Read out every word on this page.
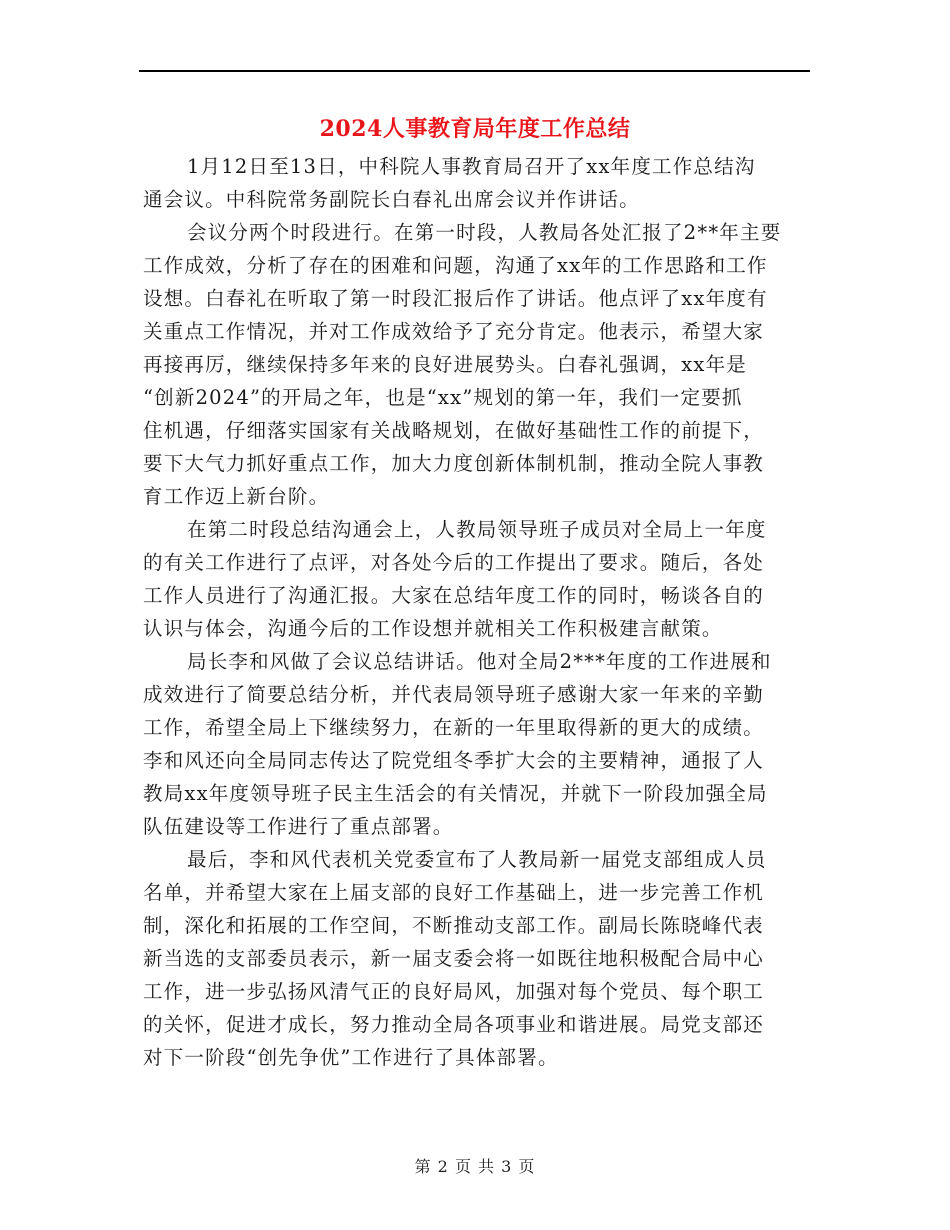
2024人事教育局年度工作总结
1月12日至13日，中科院人事教育局召开了xx年度工作总结沟
通会议。中科院常务副院长白春礼出席会议并作讲话。
会议分两个时段进行。在第一时段，人教局各处汇报了2**年主要
工作成效，分析了存在的困难和问题，沟通了xx年的工作思路和工作
设想。白春礼在听取了第一时段汇报后作了讲话。他点评了xx年度有
关重点工作情况，并对工作成效给予了充分肯定。他表示，希望大家
再接再厉，继续保持多年来的良好进展势头。白春礼强调，xx年是
“创新2024”的开局之年，也是“xx”规划的第一年，我们一定要抓
住机遇，仔细落实国家有关战略规划，在做好基础性工作的前提下，
要下大气力抓好重点工作，加大力度创新体制机制，推动全院人事教
育工作迈上新台阶。
在第二时段总结沟通会上，人教局领导班子成员对全局上一年度
的有关工作进行了点评，对各处今后的工作提出了要求。随后，各处
工作人员进行了沟通汇报。大家在总结年度工作的同时，畅谈各自的
认识与体会，沟通今后的工作设想并就相关工作积极建言献策。
局长李和风做了会议总结讲话。他对全局2***年度的工作进展和
成效进行了简要总结分析，并代表局领导班子感谢大家一年来的辛勤
工作，希望全局上下继续努力，在新的一年里取得新的更大的成绩。
李和风还向全局同志传达了院党组冬季扩大会的主要精神，通报了人
教局xx年度领导班子民主生活会的有关情况，并就下一阶段加强全局
队伍建设等工作进行了重点部署。
最后，李和风代表机关党委宣布了人教局新一届党支部组成人员
名单，并希望大家在上届支部的良好工作基础上，进一步完善工作机
制，深化和拓展的工作空间，不断推动支部工作。副局长陈晓峰代表
新当选的支部委员表示，新一届支委会将一如既往地积极配合局中心
工作，进一步弘扬风清气正的良好局风，加强对每个党员、每个职工
的关怀，促进才成长，努力推动全局各项事业和谐进展。局党支部还
对下一阶段“创先争优”工作进行了具体部署。
第 2 页 共 3 页
